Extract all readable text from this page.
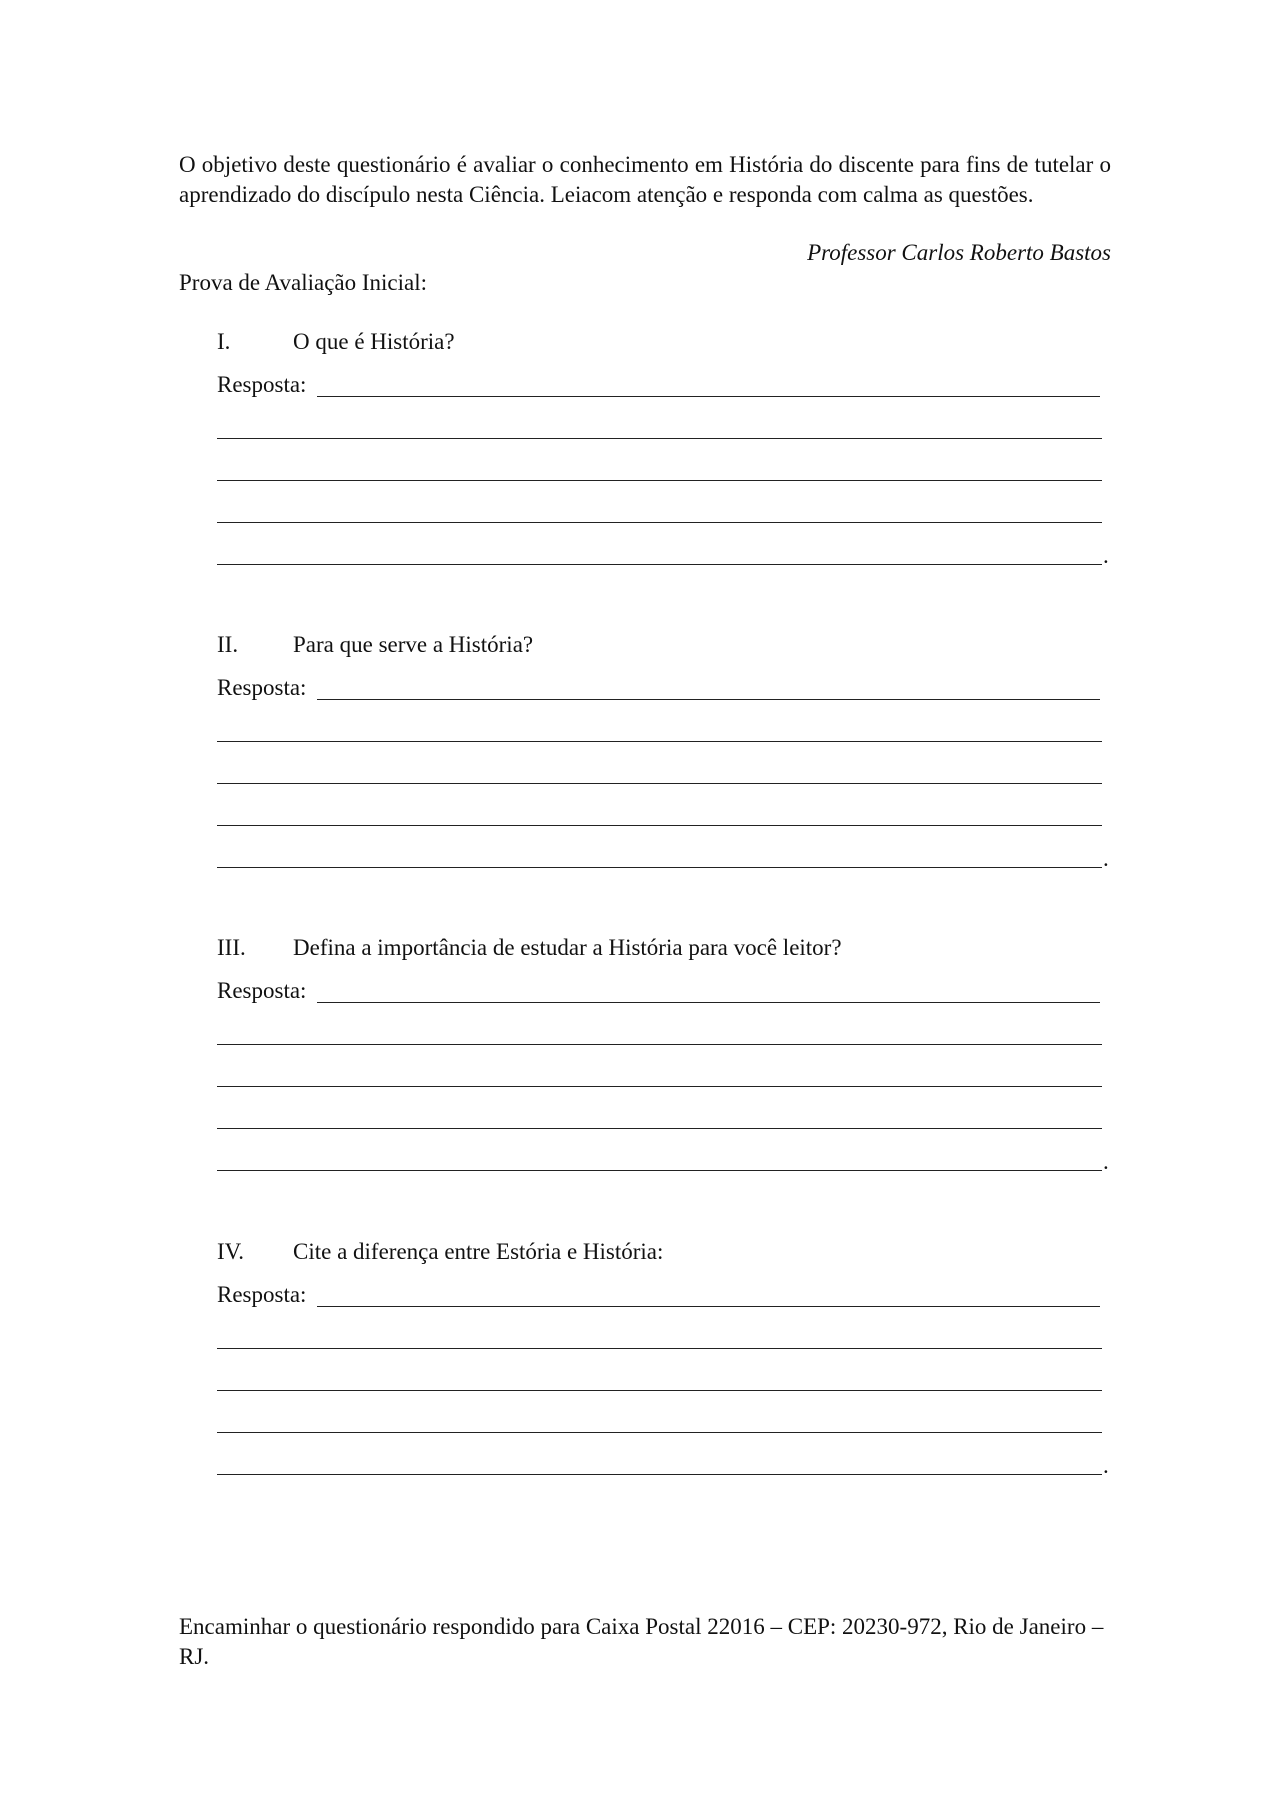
O objetivo deste questionário é avaliar o conhecimento em História do discente para fins de tutelar o aprendizado do discípulo nesta Ciência. Leiacom atenção e responda com calma as questões.

Professor Carlos Roberto Bastos

Prova de Avaliação Inicial:

I.	O que é História?
Resposta:
.
II. Para que serve a História?
Resposta:
.
III. Defina a importância de estudar a História para você leitor?
Resposta:
.
IV. Cite a diferença entre Estória e História:
Resposta:
.

Encaminhar o questionário respondido para Caixa Postal 22016 – CEP: 20230-972, Rio de Janeiro – RJ.
